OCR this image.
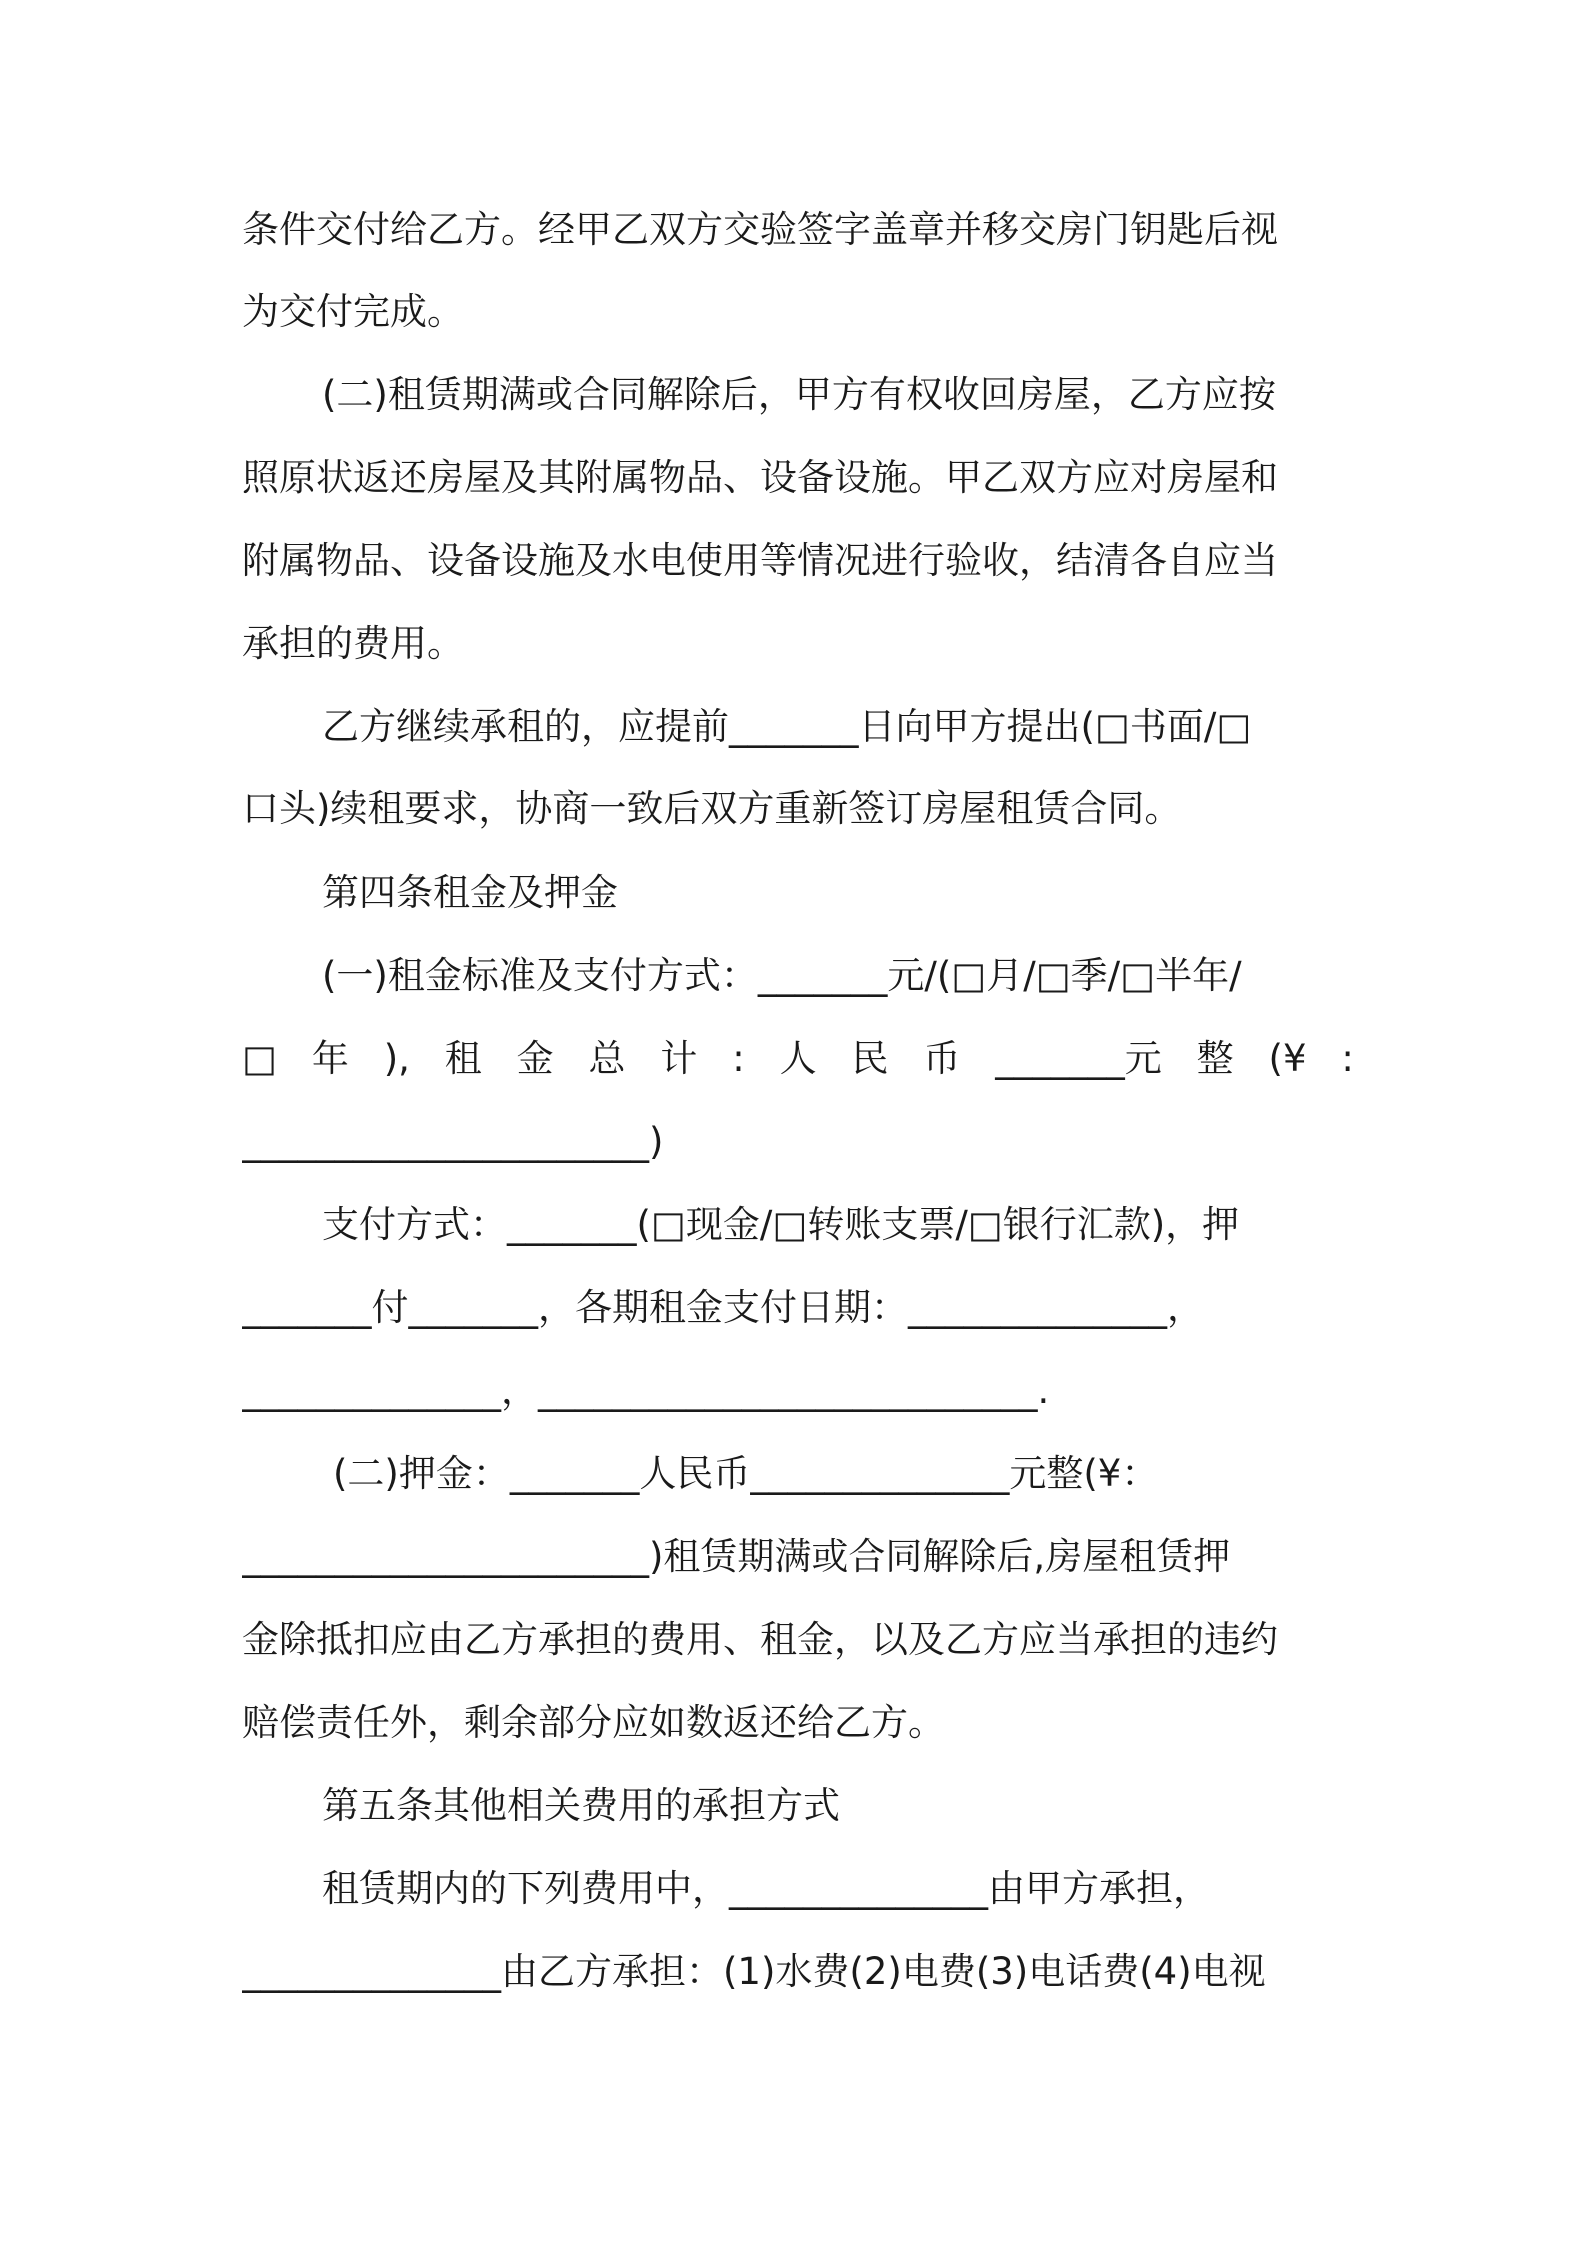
条件交付给乙方。经甲乙双方交验签字盖章并移交房门钥匙后视
为交付完成。
(二)租赁期满或合同解除后，甲方有权收回房屋，乙方应按
照原状返还房屋及其附属物品、设备设施。甲乙双方应对房屋和
附属物品、设备设施及水电使用等情况进行验收，结清各自应当
承担的费用。
乙方继续承租的，应提前_______日向甲方提出(□书面/□
口头)续租要求，协商一致后双方重新签订房屋租赁合同。
第四条租金及押金
(一)租金标准及支付方式：_______元/(□月/□季/□半年/
□ 年 ), 租 金 总 计 : 人 民 币 _______元 整 (¥ :
______________________)
支付方式：_______(□现金/□转账支票/□银行汇款)，押
_______付_______，各期租金支付日期：______________，
______________，___________________________.
(二)押金：_______人民币______________元整(¥：
______________________)租赁期满或合同解除后,房屋租赁押
金除抵扣应由乙方承担的费用、租金，以及乙方应当承担的违约
赔偿责任外，剩余部分应如数返还给乙方。
第五条其他相关费用的承担方式
租赁期内的下列费用中，______________由甲方承担，
______________由乙方承担：(1)水费(2)电费(3)电话费(4)电视
